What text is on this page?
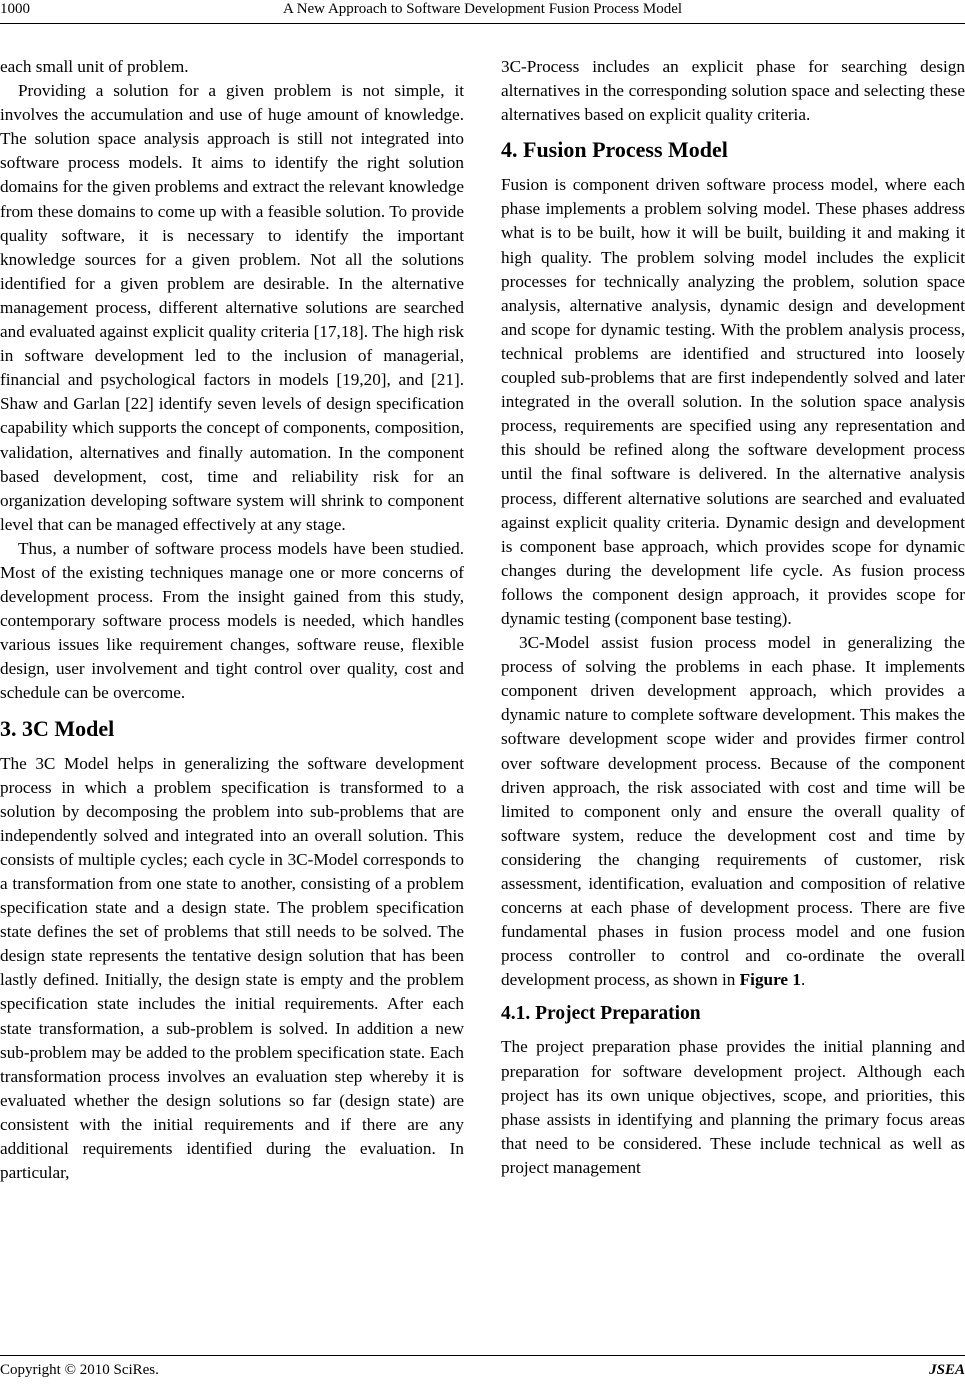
1000	A New Approach to Software Development Fusion Process Model

each small unit of problem.

Providing a solution for a given problem is not simple, it involves the accumulation and use of huge amount of knowledge. The solution space analysis approach is still not integrated into software process models. It aims to identify the right solution domains for the given problems and extract the relevant knowledge from these domains to come up with a feasible solution. To provide quality software, it is necessary to identify the important knowledge sources for a given problem. Not all the solutions identified for a given problem are desirable. In the alternative management process, different alternative solutions are searched and evaluated against explicit quality criteria [17,18]. The high risk in software development led to the inclusion of managerial, financial and psychological factors in models [19,20], and [21]. Shaw and Garlan [22] identify seven levels of design specification capability which supports the concept of components, composition, validation, alternatives and finally automation. In the component based development, cost, time and reliability risk for an organization developing software system will shrink to component level that can be managed effectively at any stage.

Thus, a number of software process models have been studied. Most of the existing techniques manage one or more concerns of development process. From the insight gained from this study, contemporary software process models is needed, which handles various issues like requirement changes, software reuse, flexible design, user involvement and tight control over quality, cost and schedule can be overcome.

3. 3C Model

The 3C Model helps in generalizing the software development process in which a problem specification is transformed to a solution by decomposing the problem into sub-problems that are independently solved and integrated into an overall solution. This consists of multiple cycles; each cycle in 3C-Model corresponds to a transformation from one state to another, consisting of a problem specification state and a design state. The problem specification state defines the set of problems that still needs to be solved. The design state represents the tentative design solution that has been lastly defined. Initially, the design state is empty and the problem specification state includes the initial requirements. After each state transformation, a sub-problem is solved. In addition a new sub-problem may be added to the problem specification state. Each transformation process involves an evaluation step whereby it is evaluated whether the design solutions so far (design state) are consistent with the initial requirements and if there are any additional requirements identified during the evaluation. In particular,

3C-Process includes an explicit phase for searching design alternatives in the corresponding solution space and selecting these alternatives based on explicit quality criteria.

4. Fusion Process Model

Fusion is component driven software process model, where each phase implements a problem solving model. These phases address what is to be built, how it will be built, building it and making it high quality. The problem solving model includes the explicit processes for technically analyzing the problem, solution space analysis, alternative analysis, dynamic design and development and scope for dynamic testing. With the problem analysis process, technical problems are identified and structured into loosely coupled sub-problems that are first independently solved and later integrated in the overall solution. In the solution space analysis process, requirements are specified using any representation and this should be refined along the software development process until the final software is delivered. In the alternative analysis process, different alternative solutions are searched and evaluated against explicit quality criteria. Dynamic design and development is component base approach, which provides scope for dynamic changes during the development life cycle. As fusion process follows the component design approach, it provides scope for dynamic testing (component base testing).

3C-Model assist fusion process model in generalizing the process of solving the problems in each phase. It implements component driven development approach, which provides a dynamic nature to complete software development. This makes the software development scope wider and provides firmer control over software development process. Because of the component driven approach, the risk associated with cost and time will be limited to component only and ensure the overall quality of software system, reduce the development cost and time by considering the changing requirements of customer, risk assessment, identification, evaluation and composition of relative concerns at each phase of development process. There are five fundamental phases in fusion process model and one fusion process controller to control and co-ordinate the overall development process, as shown in Figure 1.

4.1. Project Preparation

The project preparation phase provides the initial planning and preparation for software development project. Although each project has its own unique objectives, scope, and priorities, this phase assists in identifying and planning the primary focus areas that need to be considered. These include technical as well as project management

Copyright © 2010 SciRes.	JSEA
